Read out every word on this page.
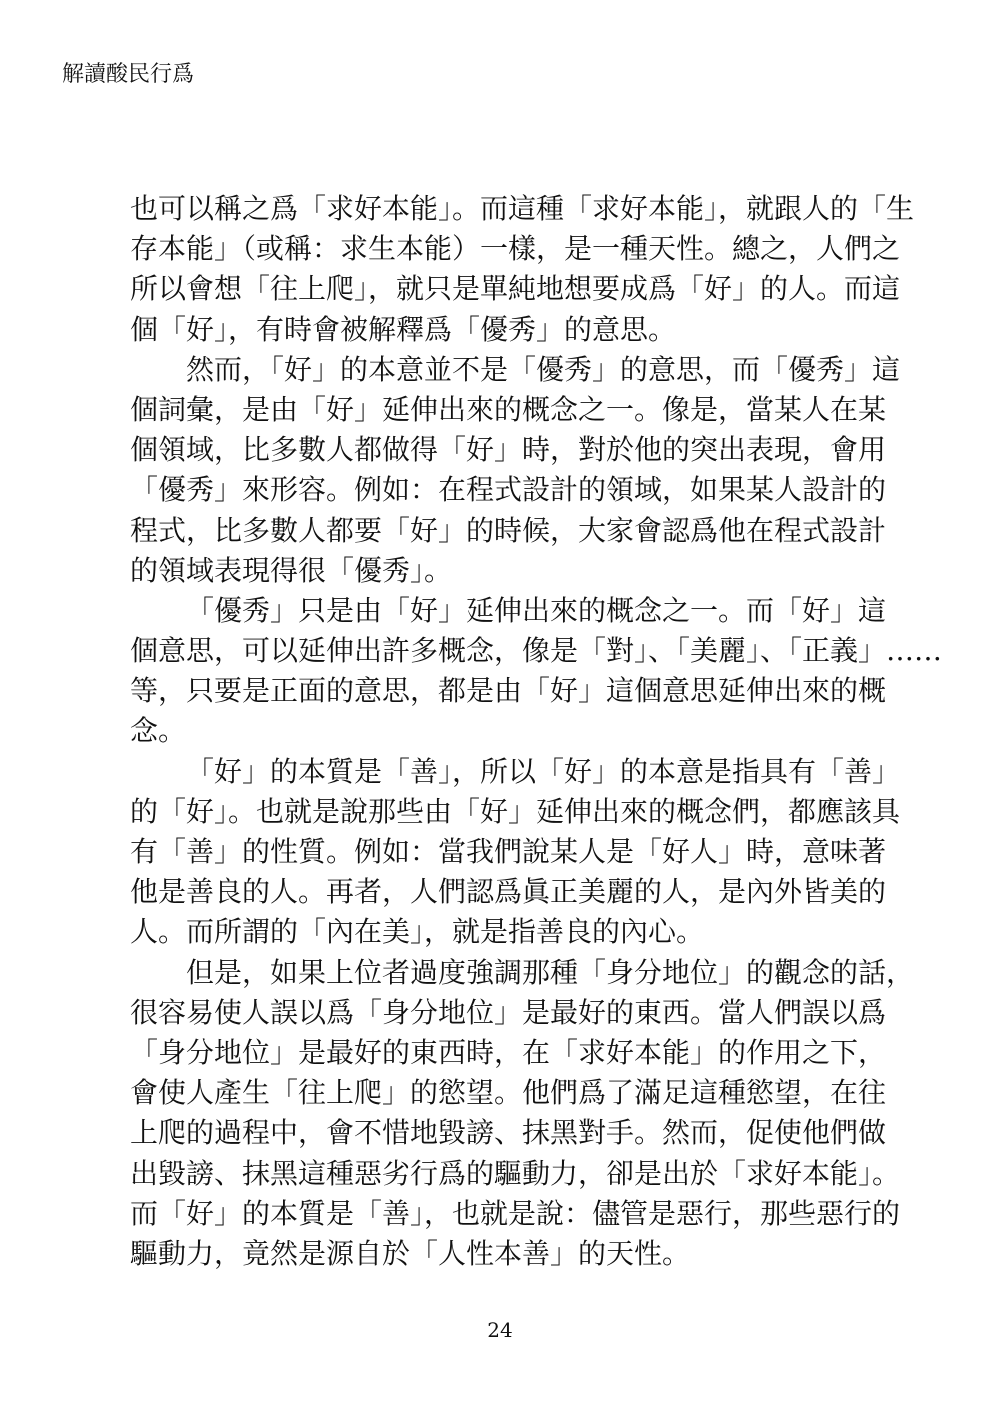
解讀酸民行爲
也可以稱之爲「求好本能」。而這種「求好本能」，就跟人的「生
存本能」（或稱：求生本能）一樣，是一種天性。總之，人們之
所以會想「往上爬」，就只是單純地想要成爲「好」的人。而這
個「好」，有時會被解釋爲「優秀」的意思。
然而，「好」的本意並不是「優秀」的意思，而「優秀」這
個詞彙，是由「好」延伸出來的概念之一。像是，當某人在某
個領域，比多數人都做得「好」時，對於他的突出表現，會用
「優秀」來形容。例如：在程式設計的領域，如果某人設計的
程式，比多數人都要「好」的時候，大家會認爲他在程式設計
的領域表現得很「優秀」。
「優秀」只是由「好」延伸出來的概念之一。而「好」這
個意思，可以延伸出許多概念，像是「對」、「美麗」、「正義」……
等，只要是正面的意思，都是由「好」這個意思延伸出來的概
念。
「好」的本質是「善」，所以「好」的本意是指具有「善」
的「好」。也就是說那些由「好」延伸出來的概念們，都應該具
有「善」的性質。例如：當我們說某人是「好人」時，意味著
他是善良的人。再者，人們認爲眞正美麗的人，是內外皆美的
人。而所謂的「內在美」，就是指善良的內心。
但是，如果上位者過度強調那種「身分地位」的觀念的話，
很容易使人誤以爲「身分地位」是最好的東西。當人們誤以爲
「身分地位」是最好的東西時，在「求好本能」的作用之下，
會使人產生「往上爬」的慾望。他們爲了滿足這種慾望，在往
上爬的過程中，會不惜地毀謗、抹黑對手。然而，促使他們做
出毀謗、抹黑這種惡劣行爲的驅動力，卻是出於「求好本能」。
而「好」的本質是「善」，也就是說：儘管是惡行，那些惡行的
驅動力，竟然是源自於「人性本善」的天性。
24
